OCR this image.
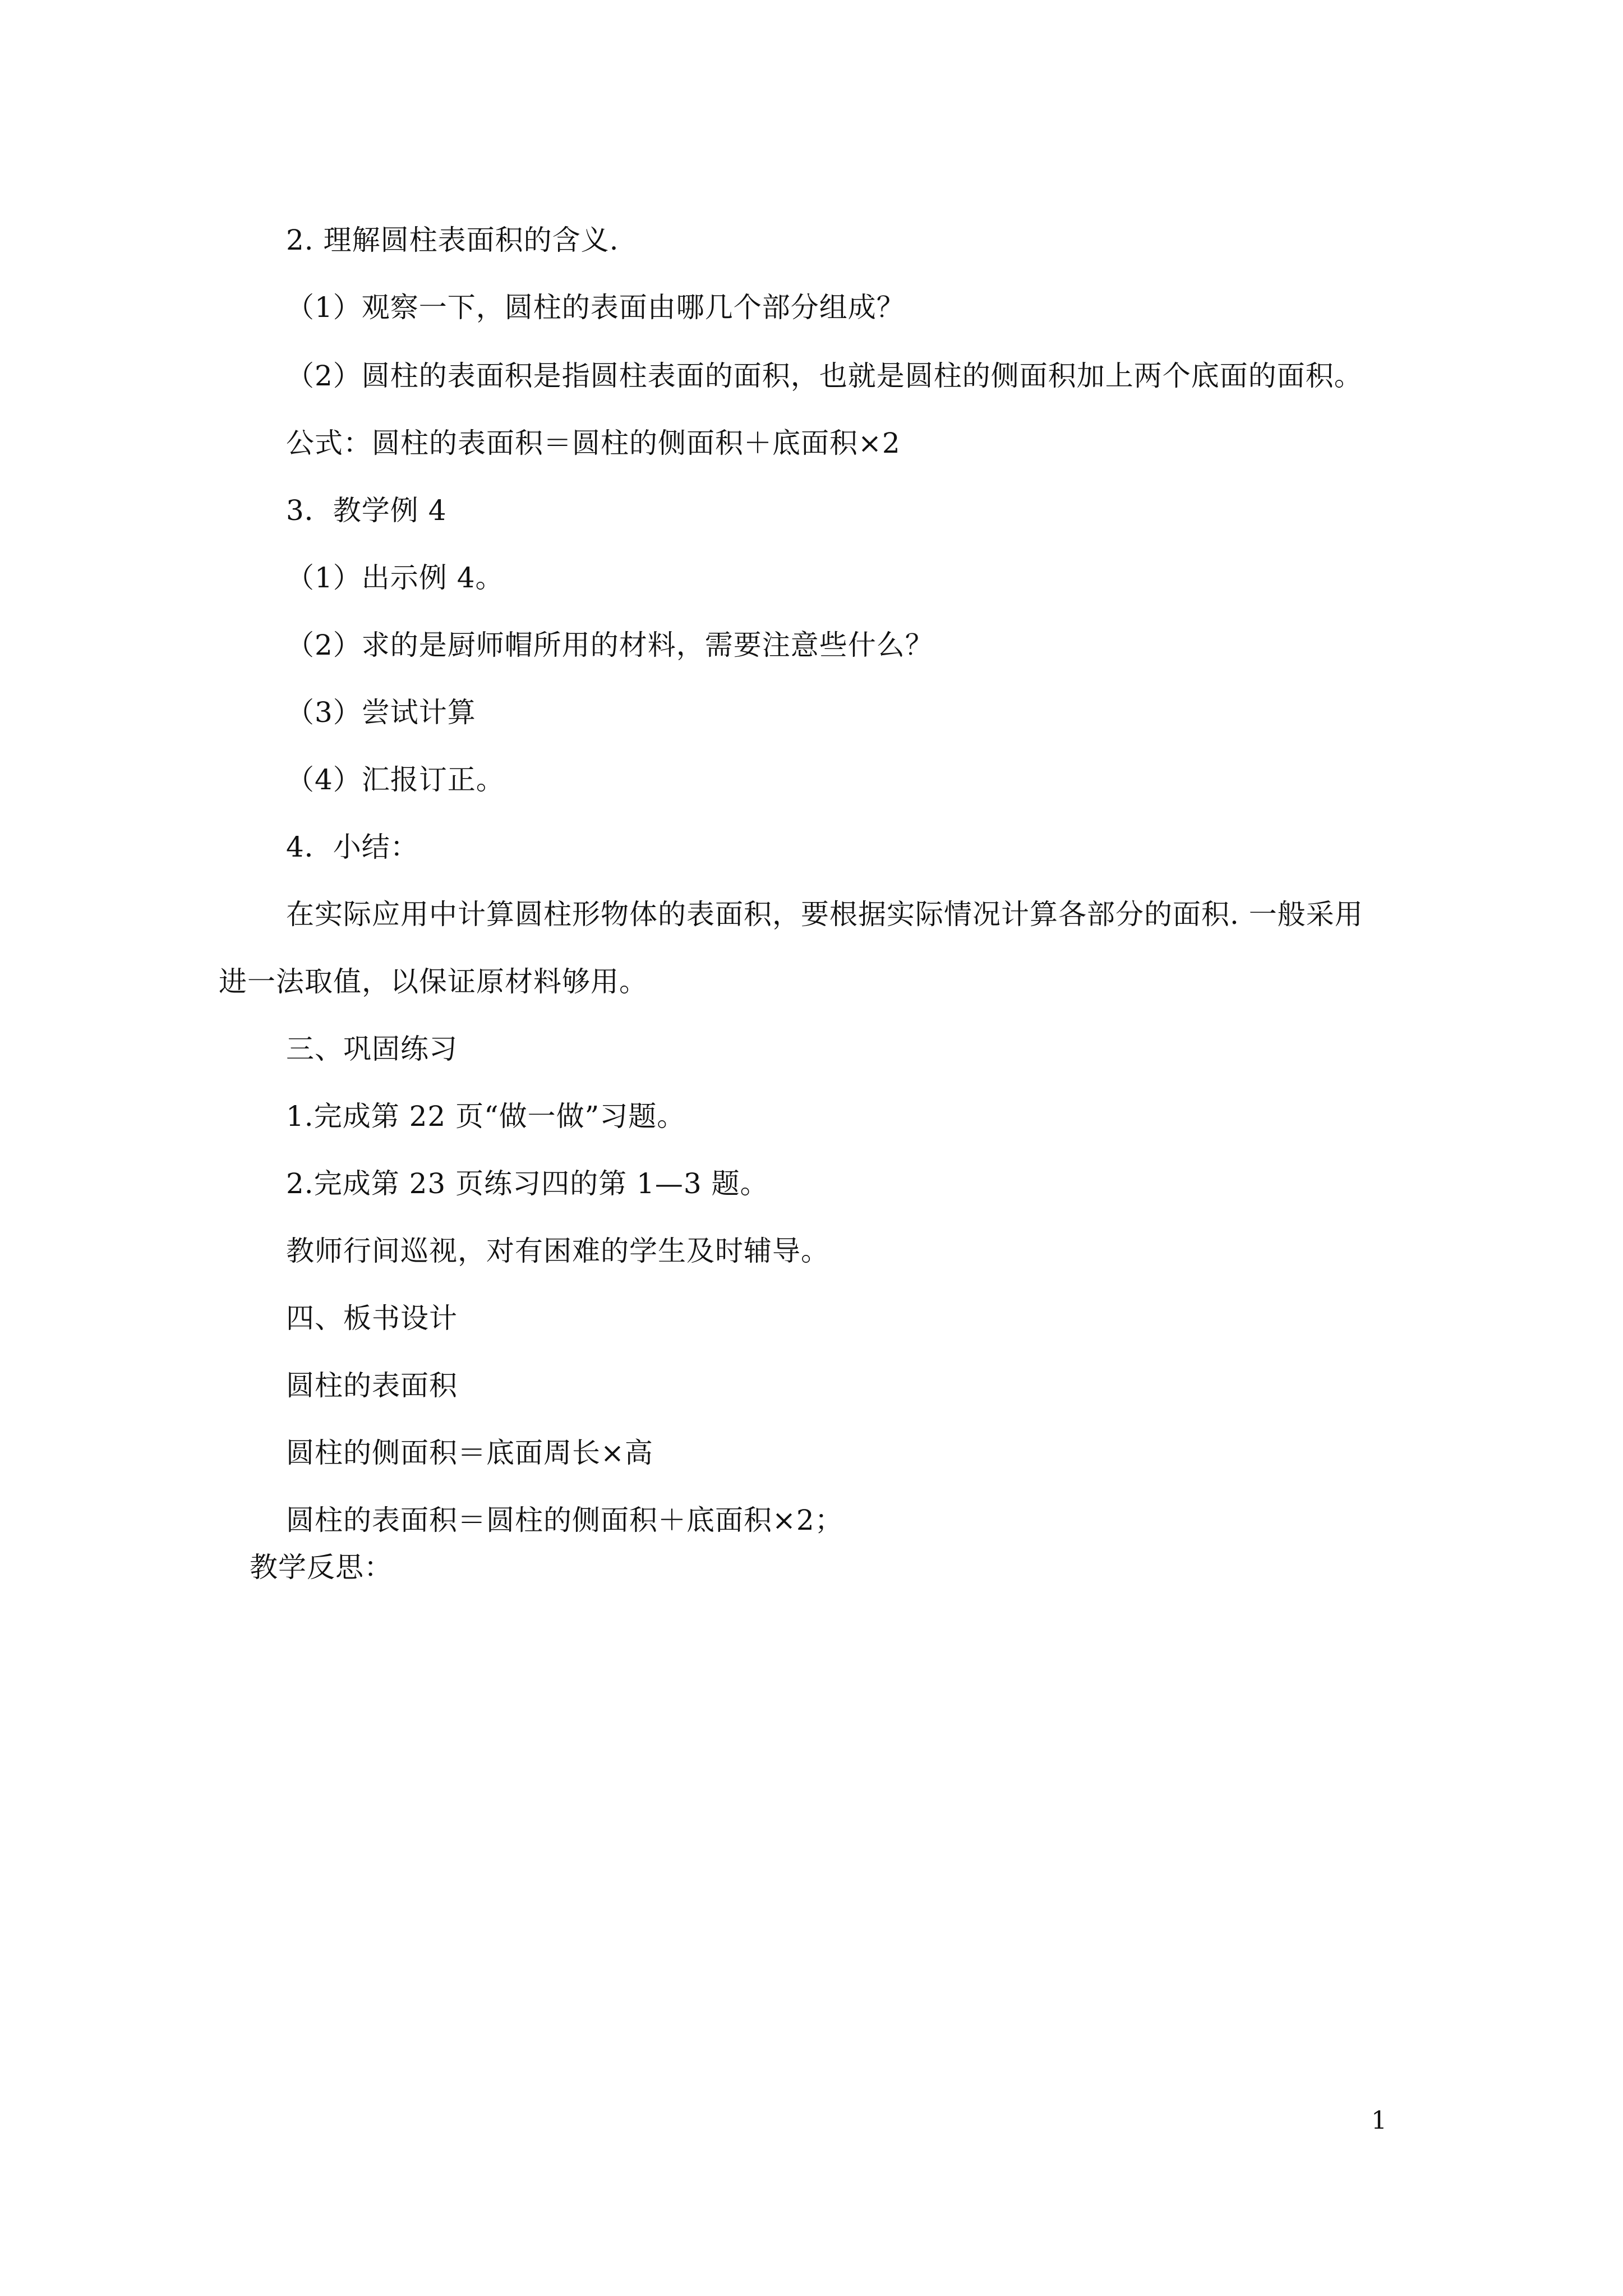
2. 理解圆柱表面积的含义.
（1）观察一下，圆柱的表面由哪几个部分组成？
（2）圆柱的表面积是指圆柱表面的面积，也就是圆柱的侧面积加上两个底面的面积。
公式：圆柱的表面积＝圆柱的侧面积＋底面积×2
3．教学例 4
（1）出示例 4。
（2）求的是厨师帽所用的材料，需要注意些什么？
（3）尝试计算
（4）汇报订正。
4．小结：
在实际应用中计算圆柱形物体的表面积，要根据实际情况计算各部分的面积. 一般采用
进一法取值，以保证原材料够用。
三、巩固练习
1.完成第 22 页“做一做”习题。
2.完成第 23 页练习四的第 1—3 题。
教师行间巡视，对有困难的学生及时辅导。
四、板书设计
圆柱的表面积
圆柱的侧面积＝底面周长×高
圆柱的表面积＝圆柱的侧面积＋底面积×2；
教学反思：
1
